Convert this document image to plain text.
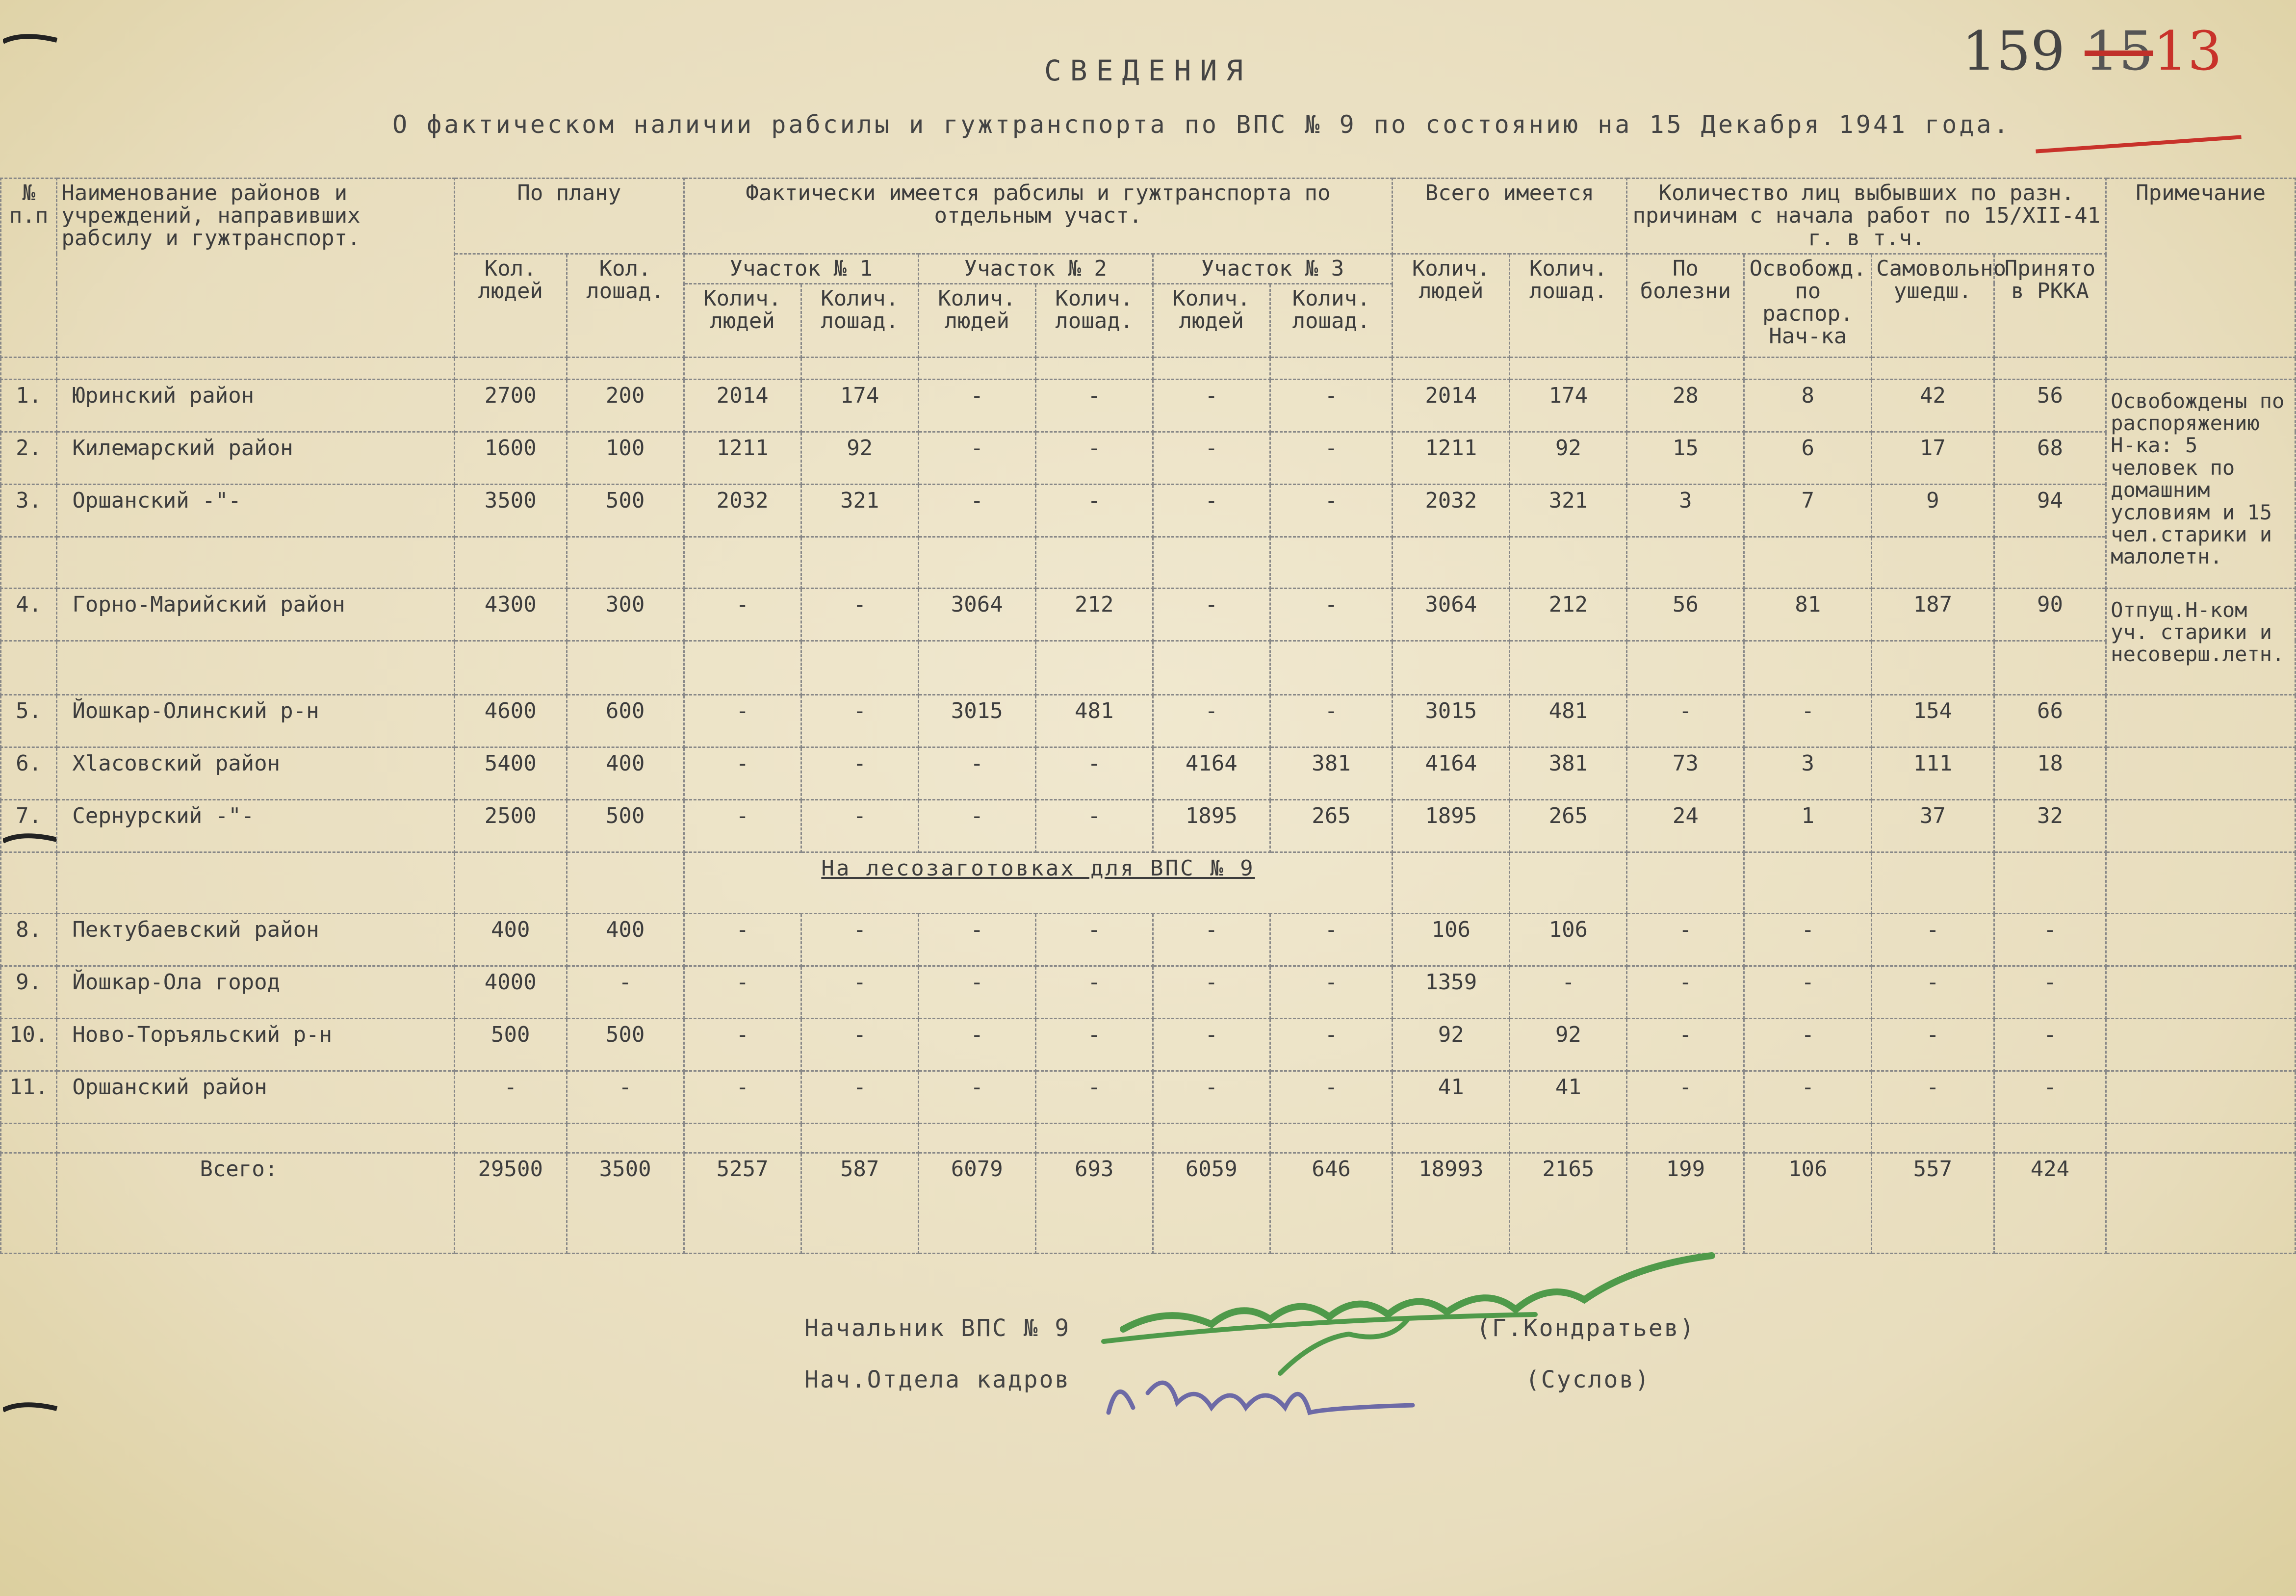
159 1513
СВЕДЕНИЯ
О фактическом наличии рабсилы и гужтранспорта по ВПС № 9 по состоянию на 15 Декабря 1941 года.
№ п.п	Наименование районов и учреждений, направивших рабсилу и гужтранспорт.	По плану		Фактически имеется рабсилы и гужтранспорта по отдельным участ.						Всего имеется		Количество лиц выбывших по разн. причинам с начала работ по 15/ХII-41 г. в т.ч.				Примечание
		Кол. людей	Кол. лошад.	Участок № 1		Участок № 2		Участок № 3		Колич. людей	Колич. лошад.	По болезни	Освобожд. по распор. Нач-ка	Самовольно ушедш.	Принято в РККА	
				Колич. людей	Колич. лошад.	Колич. людей	Колич. лошад.	Колич. людей	Колич. лошад.							

1.	Юринский район	2700	200	2014	174	-	-	-	-	2014	174	28	8	42	56	Освобождены по распоряжению Н-ка: 5 человек по домашним условиям и 15 чел.старики и малолетн.
2.	Килемарский район	1600	100	1211	92	-	-	-	-	1211	92	15	6	17	68	
3.	Оршанский -"-	3500	500	2032	321	-	-	-	-	2032	321	3	7	9	94	

4.	Горно-Марийский район	4300	300	-	-	3064	212	-	-	3064	212	56	81	187	90	Отпущ.Н-ком уч. старики и несоверш.летн.

5.	Йошкар-Олинский р-н	4600	600	-	-	3015	481	-	-	3015	481	-	-	154	66	
6.	Хlасовский район	5400	400	-	-	-	-	4164	381	4164	381	73	3	111	18	
7.	Сернурский -"-	2500	500	-	-	-	-	1895	265	1895	265	24	1	37	32	
				На лесозаготовках для ВПС № 9												
8.	Пектубаевский район	400	400	-	-	-	-	-	-	106	106	-	-	-	-	
9.	Йошкар-Ола город	4000	-	-	-	-	-	-	-	1359	-	-	-	-	-	
10.	Ново-Торъяльский р-н	500	500	-	-	-	-	-	-	92	92	-	-	-	-	
11.	Оршанский район	-	-	-	-	-	-	-	-	41	41	-	-	-	-	

	Всего:	29500	3500	5257	587	6079	693	6059	646	18993	2165	199	106	557	424	
Начальник ВПС № 9	(Г.Кондратьев)
Нач.Отдела кадров	(Суслов)
